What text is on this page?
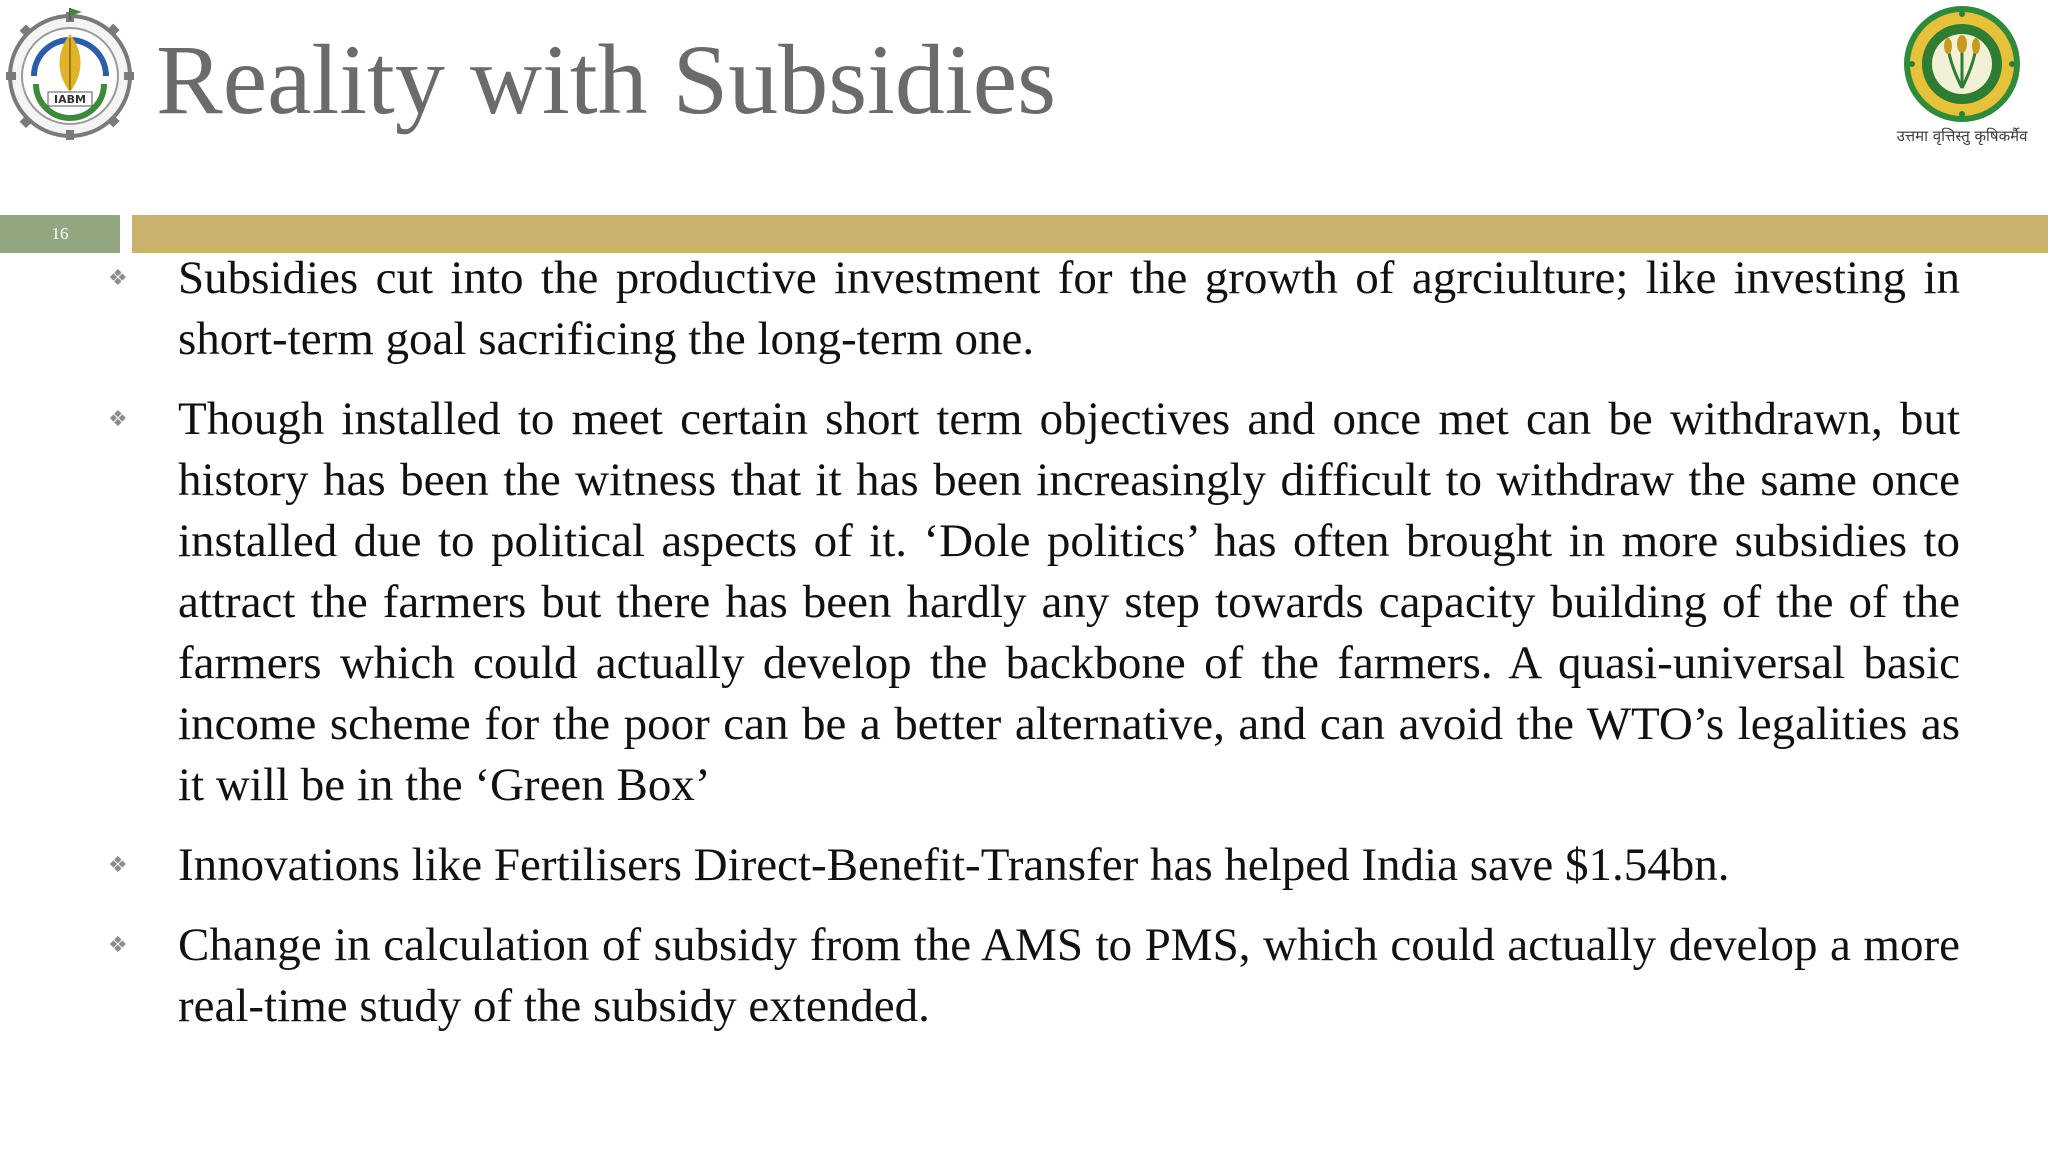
IABM Reality with Subsidies
उत्तमा वृत्तिस्तु कृषिकर्मैव
16
❖ Subsidies cut into the productive investment for the growth of agrciulture; like investing in short-term goal sacrificing the long-term one.
❖ Though installed to meet certain short term objectives and once met can be withdrawn, but history has been the witness that it has been increasingly difficult to withdraw the same once installed due to political aspects of it. ‘Dole politics’ has often brought in more subsidies to attract the farmers but there has been hardly any step towards capacity building of the of the farmers which could actually develop the backbone of the farmers. A quasi-universal basic income scheme for the poor can be a better alternative, and can avoid the WTO’s legalities as it will be in the ‘Green Box’
❖ Innovations like Fertilisers Direct-Benefit-Transfer has helped India save $1.54bn.
❖ Change in calculation of subsidy from the AMS to PMS, which could actually develop a more real-time study of the subsidy extended.
